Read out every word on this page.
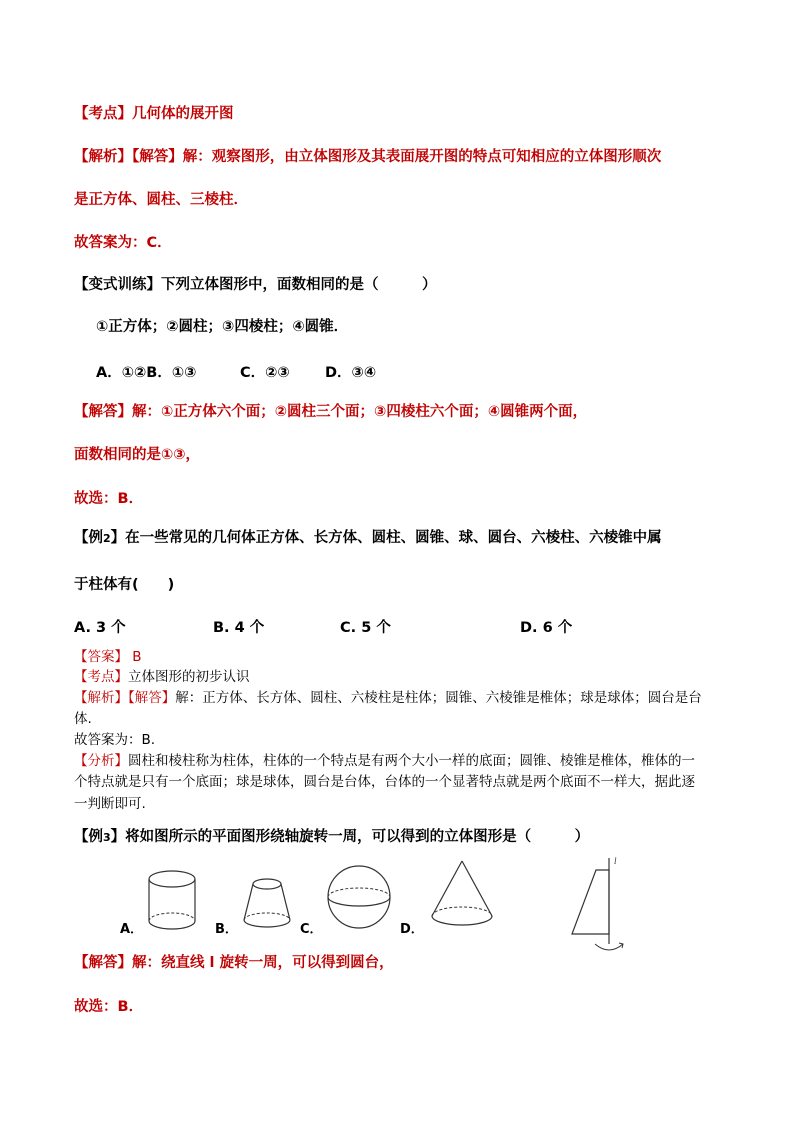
【考点】几何体的展开图
【解析】【解答】解：观察图形，由立体图形及其表面展开图的特点可知相应的立体图形顺次
是正方体、圆柱、三棱柱．
故答案为：C．
【变式训练】下列立体图形中，面数相同的是（　　　）
①正方体；②圆柱；③四棱柱；④圆锥．
A．①②B．①③	C．②③ D．③④
【解答】解：①正方体六个面；②圆柱三个面；③四棱柱六个面；④圆锥两个面，
面数相同的是①③，
故选：B．
【例2】在一些常见的几何体正方体、长方体、圆柱、圆锥、球、圆台、六棱柱、六棱锥中属
于柱体有(　　)
A. 3 个	B. 4 个	C. 5 个	D. 6 个
【答案】 B
【考点】立体图形的初步认识
【解析】【解答】解：正方体、长方体、圆柱、六棱柱是柱体；圆锥、六棱锥是椎体；球是球体；圆台是台
体.
故答案为：B.
【分析】圆柱和棱柱称为柱体，柱体的一个特点是有两个大小一样的底面；圆锥、棱锥是椎体，椎体的一
个特点就是只有一个底面；球是球体，圆台是台体，台体的一个显著特点就是两个底面不一样大，据此逐
一判断即可.
【例3】将如图所示的平面图形绕轴旋转一周，可以得到的立体图形是（　　　）
A．	B．	C．	D．
l
【解答】解：绕直线 l 旋转一周，可以得到圆台，
故选：B．
